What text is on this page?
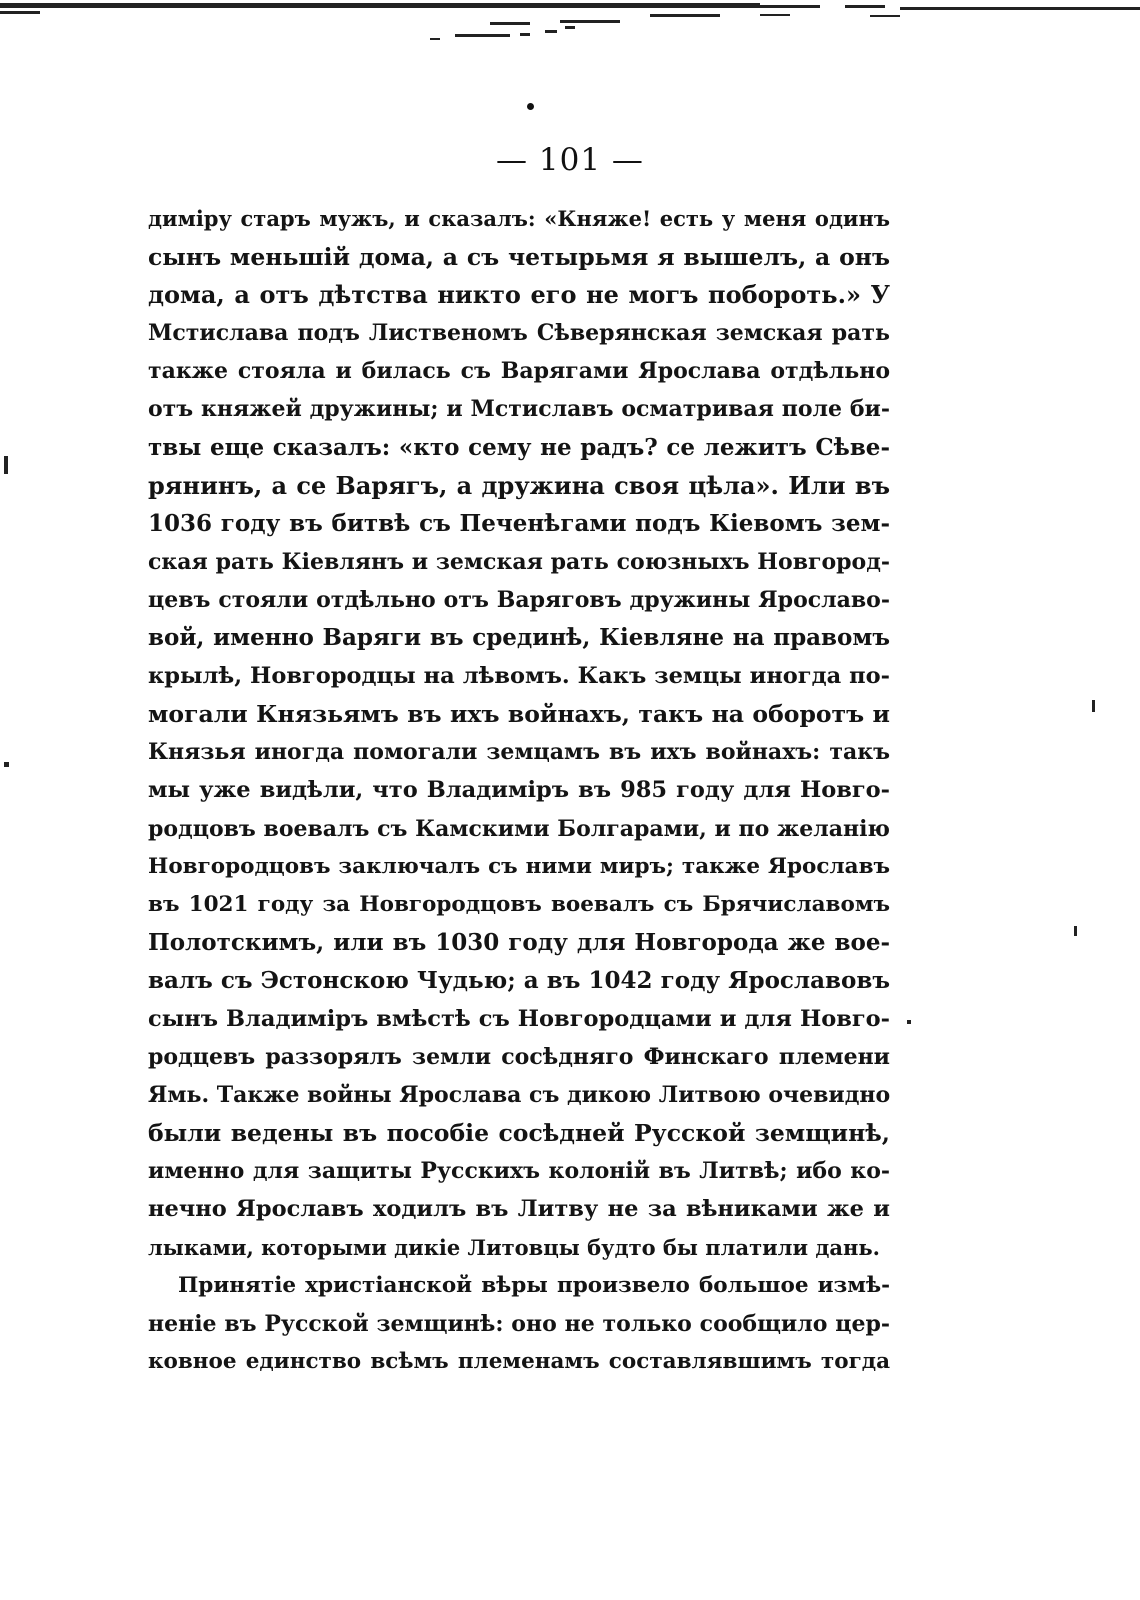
— 101 —
димiру старъ мужъ, и сказалъ: «Княже! есть у меня одинъ
сынъ меньшiй дома, а съ четырьмя я вышелъ, а онъ
дома, а отъ дѣтства никто его не могъ побороть.» У
Мстислава подъ Лиственомъ Сѣверянская земская рать
также стояла и билась съ Варягами Ярослава отдѣльно
отъ княжей дружины; и Мстиславъ осматривая поле би-
твы еще сказалъ: «кто сему не радъ? се лежитъ Сѣве-
рянинъ, а се Варягъ, а дружина своя цѣла». Или въ
1036 году въ битвѣ съ Печенѣгами подъ Кiевомъ зем-
ская рать Кiевлянъ и земская рать союзныхъ Новгород-
цевъ стояли отдѣльно отъ Варяговъ дружины Ярославо-
вой, именно Варяги въ срединѣ, Кiевляне на правомъ
крылѣ, Новгородцы на лѣвомъ. Какъ земцы иногда по-
могали Князьямъ въ ихъ войнахъ, такъ на оборотъ и
Князья иногда помогали земцамъ въ ихъ войнахъ: такъ
мы уже видѣли, что Владимiръ въ 985 году для Новго-
родцовъ воевалъ съ Камскими Болгарами, и по желанiю
Новгородцовъ заключалъ съ ними миръ; также Ярославъ
въ 1021 году за Новгородцовъ воевалъ съ Брячиславомъ
Полотскимъ, или въ 1030 году для Новгорода же вое-
валъ съ Эстонскою Чудью; а въ 1042 году Ярославовъ
сынъ Владимiръ вмѣстѣ съ Новгородцами и для Новго-
родцевъ раззорялъ земли сосѣдняго Финскаго племени
Ямь. Также войны Ярослава съ дикою Литвою очевидно
были ведены въ пособiе сосѣдней Русской земщинѣ,
именно для защиты Русскихъ колонiй въ Литвѣ; ибо ко-
нечно Ярославъ ходилъ въ Литву не за вѣниками же и
лыками, которыми дикiе Литовцы будто бы платили дань.
Принятiе христiанской вѣры произвело большое измѣ-
ненiе въ Русской земщинѣ: оно не только сообщило цер-
ковное единство всѣмъ племенамъ составлявшимъ тогда
